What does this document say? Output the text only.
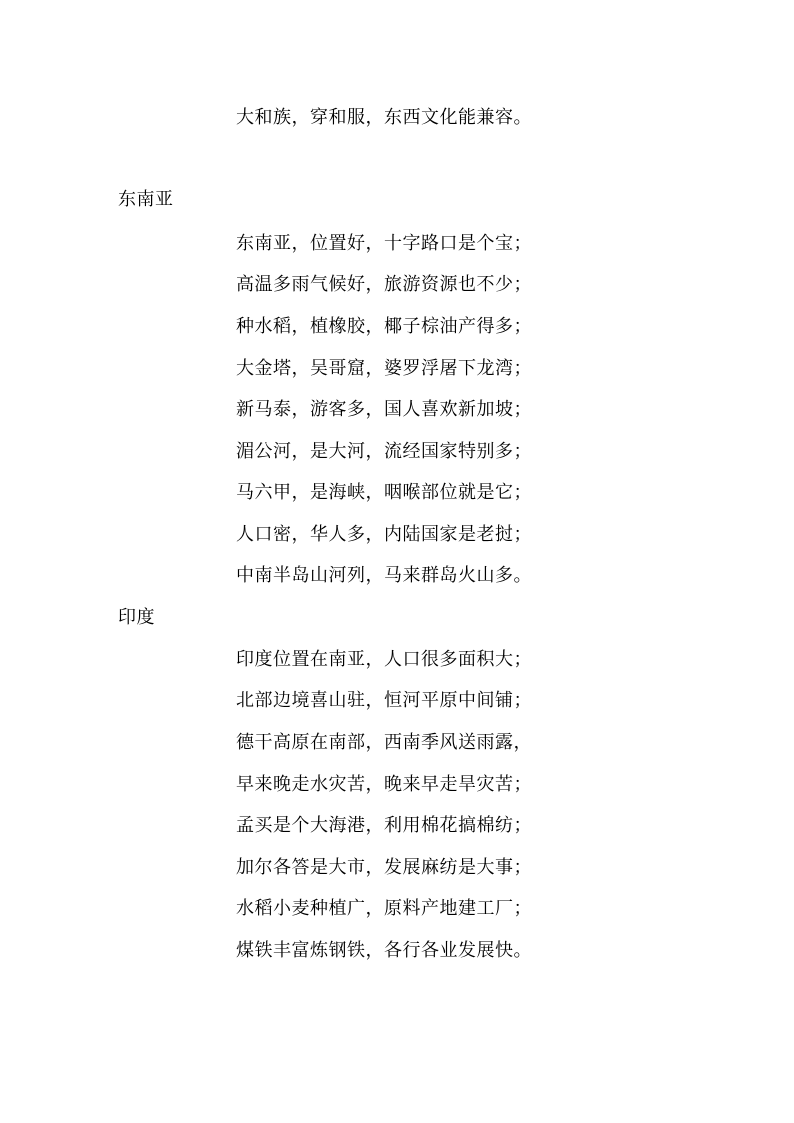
大和族，穿和服，东西文化能兼容。
东南亚
东南亚，位置好，十字路口是个宝；
高温多雨气候好，旅游资源也不少；
种水稻，植橡胶，椰子棕油产得多；
大金塔，吴哥窟，婆罗浮屠下龙湾；
新马泰，游客多，国人喜欢新加坡；
湄公河，是大河，流经国家特别多；
马六甲，是海峡，咽喉部位就是它；
人口密，华人多，内陆国家是老挝；
中南半岛山河列，马来群岛火山多。
印度
印度位置在南亚，人口很多面积大；
北部边境喜山驻，恒河平原中间铺；
德干高原在南部，西南季风送雨露，
早来晚走水灾苦，晚来早走旱灾苦；
孟买是个大海港，利用棉花搞棉纺；
加尔各答是大市，发展麻纺是大事；
水稻小麦种植广，原料产地建工厂；
煤铁丰富炼钢铁，各行各业发展快。
